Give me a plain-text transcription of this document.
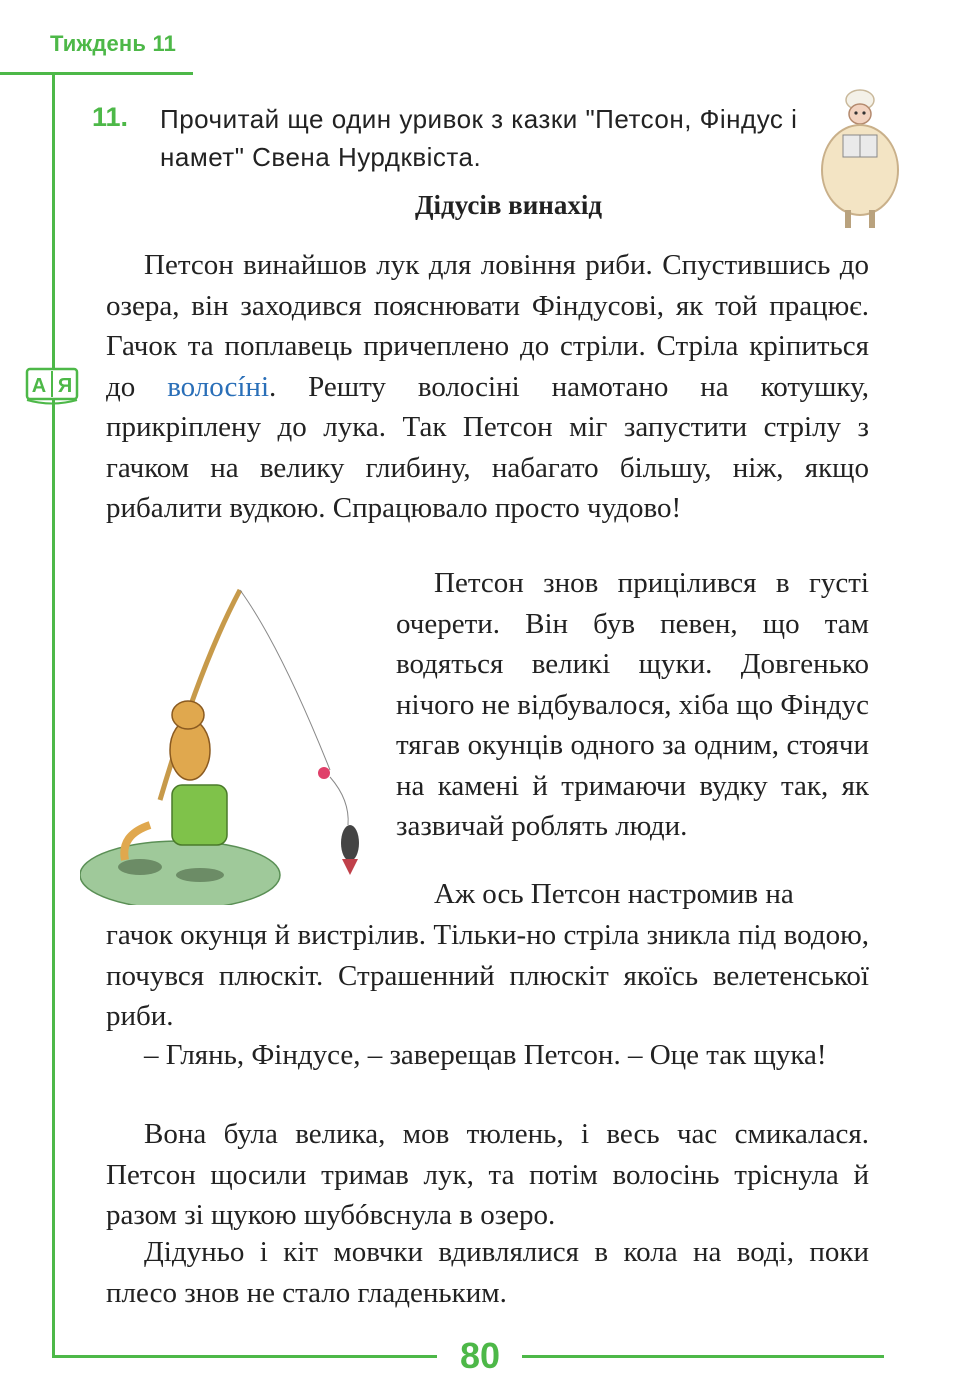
Тиждень 11
11. Прочитай ще один уривок з казки "Петсон, Фіндус і намет" Свена Нурдквіста.
Дідусів винахід
А Я

Петсон винайшов лук для ловіння риби. Спустившись до озера, він заходився пояснювати Фіндусові, як той працює. Гачок та поплавець причеплено до стріли. Стріла кріпиться до волосíні. Решту волосіні намотано на котушку, прикріплену до лука. Так Петсон міг запустити стрілу з гачком на велику глибину, набагато більшу, ніж, якщо рибалити вудкою. Спрацювало просто чудово!

Петсон знов прицілився в густі очерети. Він був певен, що там водяться великі щуки. Довгенько нічого не відбувалося, хіба що Фіндус тягав окунців одного за одним, стоячи на камені й тримаючи вудку так, як зазвичай роблять люди.

Аж ось Петсон настромив на

гачок окунця й вистрілив. Тільки-но стріла зникла під водою, почувся плюскіт. Страшенний плюскіт якоїсь велетенської риби.

– Глянь, Фіндусе, – заверещав Петсон. – Оце так щука!

Вона була велика, мов тюлень, і весь час смикалася. Петсон щосили тримав лук, та потім волосінь тріснула й разом зі щукою шубóвснула в озеро.

Дідуньо і кіт мовчки вдивлялися в кола на воді, поки плесо знов не стало гладеньким.

80
